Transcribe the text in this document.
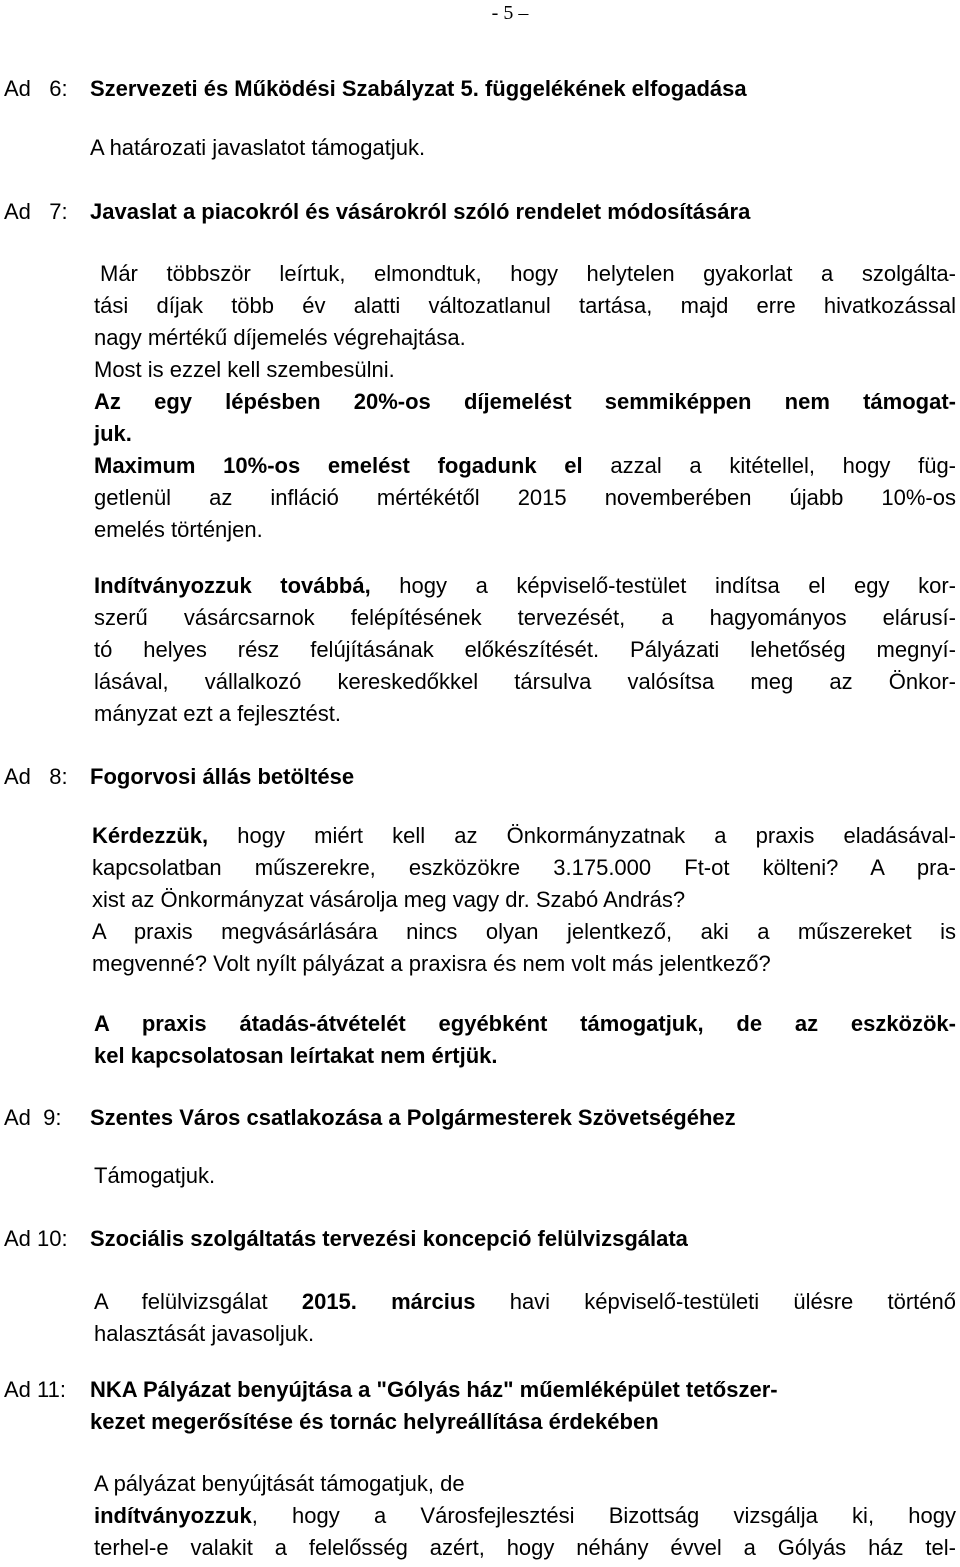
- 5 –
Ad   6: Szervezeti és Működési Szabályzat 5. függelékének elfogadása
A határozati javaslatot támogatjuk.
Ad   7: Javaslat a piacokról és vásárokról szóló rendelet módosítására
Már többször leírtuk, elmondtuk, hogy helytelen gyakorlat a szolgálta-
tási díjak több év alatti változatlanul tartása, majd erre hivatkozással
nagy mértékű díjemelés végrehajtása.
Most is ezzel kell szembesülni.
Az egy lépésben 20%-os díjemelést semmiképpen nem támogat-
juk.
Maximum 10%-os emelést fogadunk el azzal a kitétellel, hogy füg-
getlenül az infláció mértékétől 2015 novemberében újabb 10%-os
emelés történjen.
Indítványozzuk továbbá, hogy a képviselő-testület indítsa el egy kor-
szerű vásárcsarnok felépítésének tervezését, a hagyományos elárusí-
tó helyes rész felújításának előkészítését. Pályázati lehetőség megnyí-
lásával, vállalkozó kereskedőkkel társulva valósítsa meg az Önkor-
mányzat ezt a fejlesztést.
Ad   8: Fogorvosi állás betöltése
Kérdezzük, hogy miért kell az Önkormányzatnak a praxis eladásával-
kapcsolatban műszerekre, eszközökre 3.175.000 Ft-ot költeni? A pra-
xist az Önkormányzat vásárolja meg vagy dr. Szabó András?
A praxis megvásárlására nincs olyan jelentkező, aki a műszereket is
megvenné? Volt nyílt pályázat a praxisra és nem volt más jelentkező?
A praxis átadás-átvételét egyébként támogatjuk, de az eszközök-
kel kapcsolatosan leírtakat nem értjük.
Ad  9: Szentes Város csatlakozása a Polgármesterek Szövetségéhez
Támogatjuk.
Ad 10: Szociális szolgáltatás tervezési koncepció felülvizsgálata
A felülvizsgálat 2015. március havi képviselő-testületi ülésre történő
halasztását javasoljuk.
Ad 11: NKA Pályázat benyújtása a "Gólyás ház" műemléképület tetőszer-
kezet megerősítése és tornác helyreállítása érdekében
A pályázat benyújtását támogatjuk, de
indítványozzuk, hogy a Városfejlesztési Bizottság vizsgálja ki, hogy
terhel-e valakit a felelősség azért, hogy néhány évvel a Gólyás ház tel-
